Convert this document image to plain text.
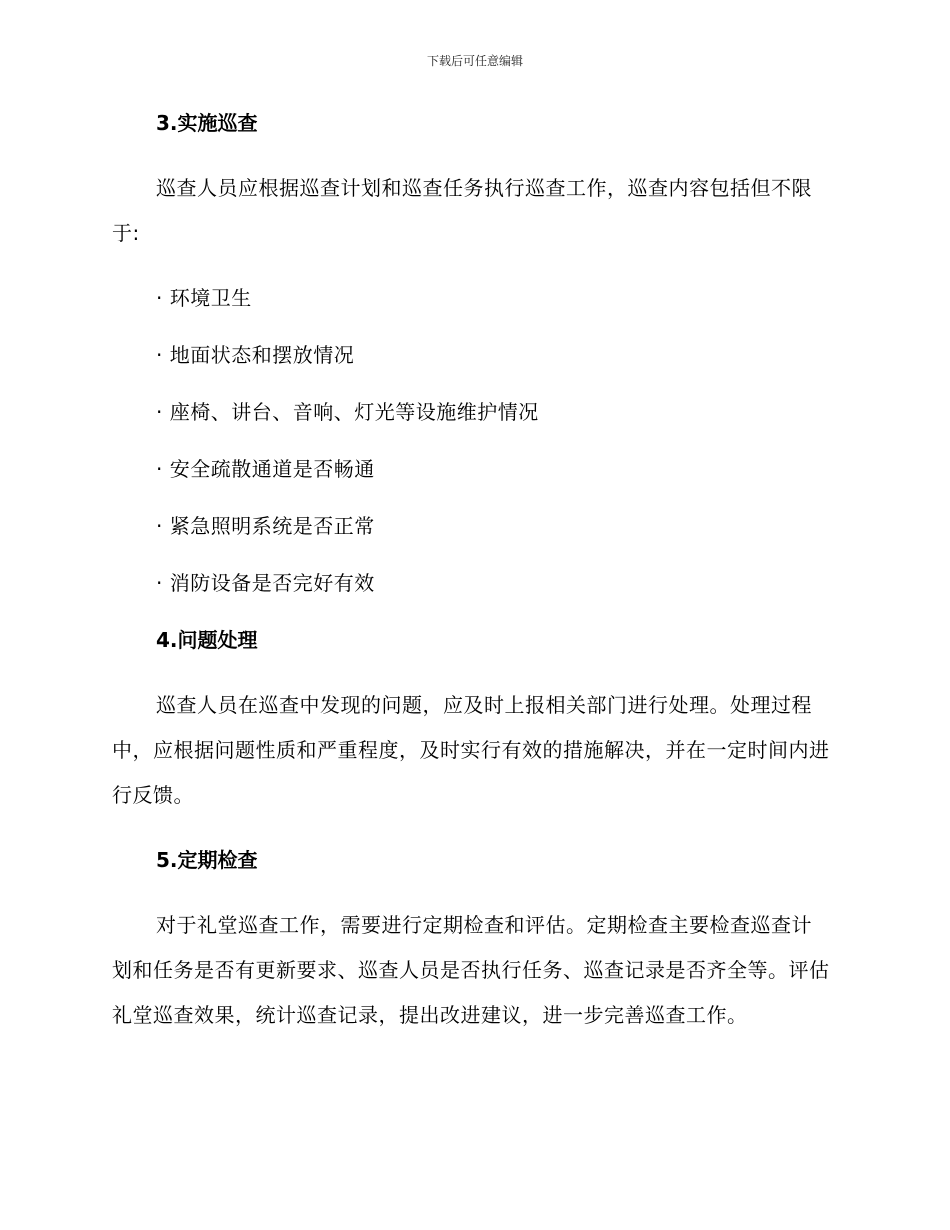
下载后可任意编辑
3.实施巡查

巡查人员应根据巡查计划和巡查任务执行巡查工作，巡查内容包括但不限于:

· 环境卫生

· 地面状态和摆放情况

· 座椅、讲台、音响、灯光等设施维护情况

· 安全疏散通道是否畅通

· 紧急照明系统是否正常

· 消防设备是否完好有效

4.问题处理

巡查人员在巡查中发现的问题，应及时上报相关部门进行处理。处理过程中，应根据问题性质和严重程度，及时实行有效的措施解决，并在一定时间内进行反馈。

5.定期检查

对于礼堂巡查工作，需要进行定期检查和评估。定期检查主要检查巡查计划和任务是否有更新要求、巡查人员是否执行任务、巡查记录是否齐全等。评估礼堂巡查效果，统计巡查记录，提出改进建议，进一步完善巡查工作。
